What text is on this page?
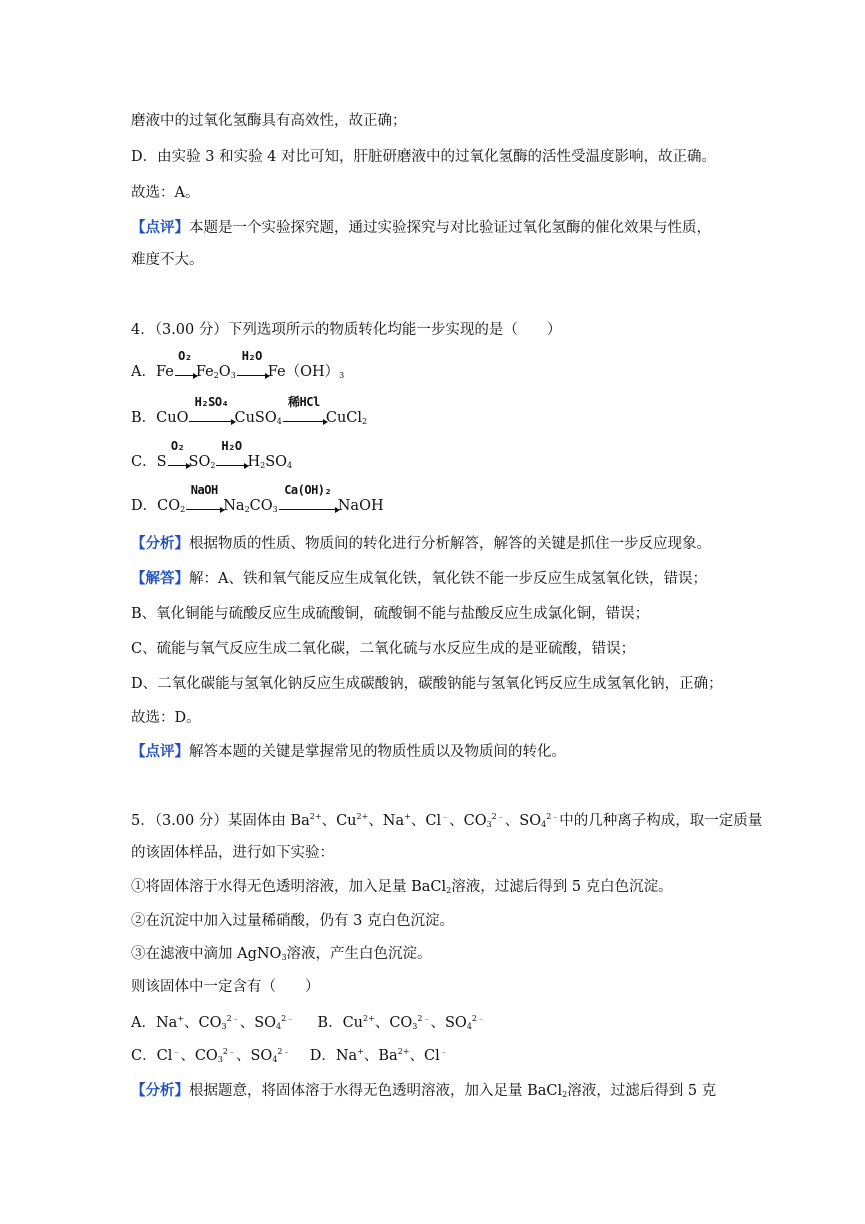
磨液中的过氧化氢酶具有高效性，故正确；
D．由实验 3 和实验 4 对比可知，肝脏研磨液中的过氧化氢酶的活性受温度影响，故正确。
故选：A。
【点评】本题是一个实验探究题，通过实验探究与对比验证过氧化氢酶的催化效果与性质，
难度不大。
4．（3.00 分）下列选项所示的物质转化均能一步实现的是（　　）
A．Fe
O₂
$Fe_2O_3$
H₂O
$Fe(OH)_3$
B．CuO
H₂SO₄
CuSO$_4$
稀HCl
CuCl$_2$
C．S
O₂
$SO_2$
H₂O
$H_2SO_4$
D．$CO_2$
NaOH
$Na_2CO_3$
Ca(OH)₂
NaOH
【分析】根据物质的性质、物质间的转化进行分析解答，解答的关键是抓住一步反应现象。
【解答】解：A、铁和氧气能反应生成氧化铁，氧化铁不能一步反应生成氢氧化铁，错误；
B、氧化铜能与硫酸反应生成硫酸铜，硫酸铜不能与盐酸反应生成氯化铜，错误；
C、硫能与氧气反应生成二氧化碳，二氧化硫与水反应生成的是亚硫酸，错误；
D、二氧化碳能与氢氧化钠反应生成碳酸钠，碳酸钠能与氢氧化钙反应生成氢氧化钠，正确；
故选：D。
【点评】解答本题的关键是掌握常见的物质性质以及物质间的转化。
5．（3.00 分）某固体由 $Ba^{2+}$、$Cu^{2+}$、Na+、Cl﹣、$CO_3^{2﹣}$、$SO_4^{2﹣}$中的几种离子构成，取一定质量
的该固体样品，进行如下实验：
①将固体溶于水得无色透明溶液，加入足量 BaCl$_2$溶液，过滤后得到 5 克白色沉淀。
②在沉淀中加入过量稀硝酸，仍有 3 克白色沉淀。
③在滤液中滴加 AgNO$_3$溶液，产生白色沉淀。
则该固体中一定含有（　　）
A．Na+、$CO_3^{2﹣}$、$SO_4^{2﹣}$ B．$Cu^{2+}$、$CO_3^{2﹣}$、$SO_4^{2﹣}$
C．Cl﹣、$CO_3^{2﹣}$、$SO_4^{2﹣}$ D．Na+、$Ba^{2+}$、Cl﹣
【分析】根据题意，将固体溶于水得无色透明溶液，加入足量 BaCl$_2$溶液，过滤后得到 5 克
